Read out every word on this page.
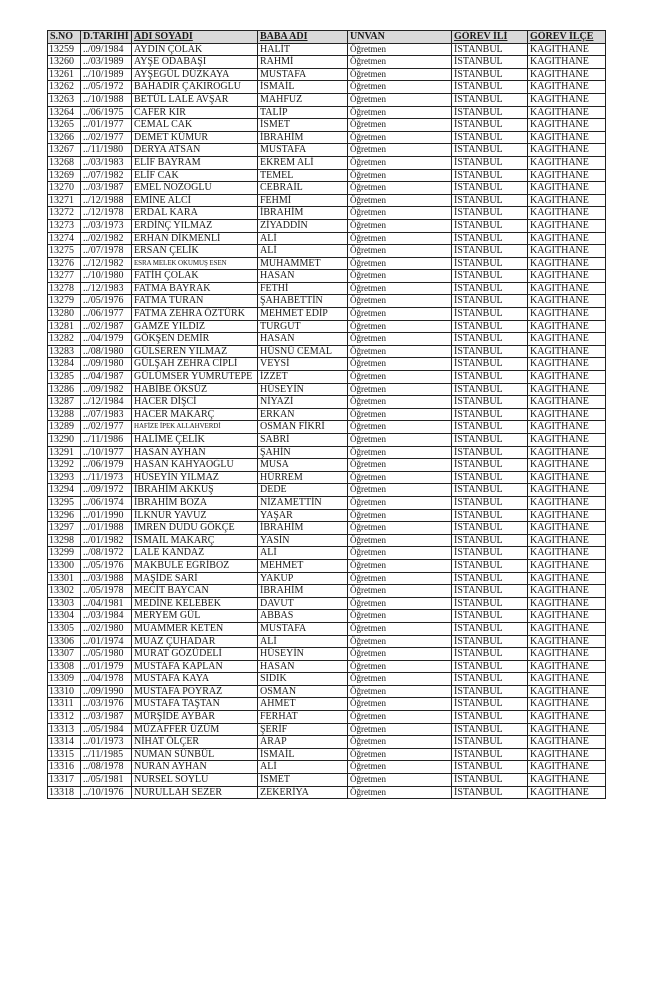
S.NO	D.TARİHİ	ADI SOYADI	BABA ADI	UNVAN	GÖREV İLİ	GÖREV İLÇE
13259	../09/1984	AYDIN ÇOLAK	HALİT	Öğretmen	İSTANBUL	KAĞITHANE
13260	../03/1989	AYŞE ODABAŞI	RAHMİ	Öğretmen	İSTANBUL	KAĞITHANE
13261	../10/1989	AYŞEGÜL DÜZKAYA	MUSTAFA	Öğretmen	İSTANBUL	KAĞITHANE
13262	../05/1972	BAHADIR ÇAKIROĞLU	İSMAİL	Öğretmen	İSTANBUL	KAĞITHANE
13263	../10/1988	BETÜL LALE AVŞAR	MAHFUZ	Öğretmen	İSTANBUL	KAĞITHANE
13264	../06/1975	CAFER KIR	TALİP	Öğretmen	İSTANBUL	KAĞITHANE
13265	../01/1977	CEMAL CAK	İSMET	Öğretmen	İSTANBUL	KAĞITHANE
13266	../02/1977	DEMET KÜMUR	İBRAHİM	Öğretmen	İSTANBUL	KAĞITHANE
13267	../11/1980	DERYA ATSAN	MUSTAFA	Öğretmen	İSTANBUL	KAĞITHANE
13268	../03/1983	ELİF BAYRAM	EKREM ALİ	Öğretmen	İSTANBUL	KAĞITHANE
13269	../07/1982	ELİF CAK	TEMEL	Öğretmen	İSTANBUL	KAĞITHANE
13270	../03/1987	EMEL NOZOĞLU	CEBRAİL	Öğretmen	İSTANBUL	KAĞITHANE
13271	../12/1988	EMİNE ALCİ	FEHMİ	Öğretmen	İSTANBUL	KAĞITHANE
13272	../12/1978	ERDAL KARA	İBRAHİM	Öğretmen	İSTANBUL	KAĞITHANE
13273	../03/1973	ERDİNÇ YILMAZ	ZİYADDİN	Öğretmen	İSTANBUL	KAĞITHANE
13274	../02/1982	ERHAN DİKMENLİ	ALİ	Öğretmen	İSTANBUL	KAĞITHANE
13275	../07/1978	ERSAN ÇELİK	ALİ	Öğretmen	İSTANBUL	KAĞITHANE
13276	../12/1982	ESRA MELEK OKUMUŞ ESEN	MUHAMMET	Öğretmen	İSTANBUL	KAĞITHANE
13277	../10/1980	FATİH ÇOLAK	HASAN	Öğretmen	İSTANBUL	KAĞITHANE
13278	../12/1983	FATMA BAYRAK	FETHİ	Öğretmen	İSTANBUL	KAĞITHANE
13279	../05/1976	FATMA TURAN	ŞAHABETTİN	Öğretmen	İSTANBUL	KAĞITHANE
13280	../06/1977	FATMA ZEHRA ÖZTÜRK	MEHMET EDİP	Öğretmen	İSTANBUL	KAĞITHANE
13281	../02/1987	GAMZE YILDIZ	TURGUT	Öğretmen	İSTANBUL	KAĞITHANE
13282	../04/1979	GÖKŞEN DEMİR	HASAN	Öğretmen	İSTANBUL	KAĞITHANE
13283	../08/1980	GÜLSEREN YILMAZ	HÜSNÜ CEMAL	Öğretmen	İSTANBUL	KAĞITHANE
13284	../09/1980	GÜLŞAH ZEHRA CİPLİ	VEYSİ	Öğretmen	İSTANBUL	KAĞITHANE
13285	../04/1987	GÜLÜMSER YUMRUTEPE	İZZET	Öğretmen	İSTANBUL	KAĞITHANE
13286	../09/1982	HABİBE ÖKSÜZ	HÜSEYİN	Öğretmen	İSTANBUL	KAĞITHANE
13287	../12/1984	HACER DİŞCİ	NİYAZİ	Öğretmen	İSTANBUL	KAĞITHANE
13288	../07/1983	HACER MAKARÇ	ERKAN	Öğretmen	İSTANBUL	KAĞITHANE
13289	../02/1977	HAFİZE İPEK ALLAHVERDİ	OSMAN FİKRİ	Öğretmen	İSTANBUL	KAĞITHANE
13290	../11/1986	HALİME ÇELİK	SABRİ	Öğretmen	İSTANBUL	KAĞITHANE
13291	../10/1977	HASAN AYHAN	ŞAHİN	Öğretmen	İSTANBUL	KAĞITHANE
13292	../06/1979	HASAN KAHYAOĞLU	MUSA	Öğretmen	İSTANBUL	KAĞITHANE
13293	../11/1973	HÜSEYİN YILMAZ	HÜRREM	Öğretmen	İSTANBUL	KAĞITHANE
13294	../09/1972	İBRAHİM AKKUŞ	DEDE	Öğretmen	İSTANBUL	KAĞITHANE
13295	../06/1974	İBRAHİM BOZA	NİZAMETTİN	Öğretmen	İSTANBUL	KAĞITHANE
13296	../01/1990	İLKNUR YAVUZ	YAŞAR	Öğretmen	İSTANBUL	KAĞITHANE
13297	../01/1988	İMREN DUDU GÖKÇE	İBRAHİM	Öğretmen	İSTANBUL	KAĞITHANE
13298	../01/1982	İSMAİL MAKARÇ	YASİN	Öğretmen	İSTANBUL	KAĞITHANE
13299	../08/1972	LALE KANDAZ	ALİ	Öğretmen	İSTANBUL	KAĞITHANE
13300	../05/1976	MAKBULE EĞRİBOZ	MEHMET	Öğretmen	İSTANBUL	KAĞITHANE
13301	../03/1988	MAŞİDE SARİ	YAKUP	Öğretmen	İSTANBUL	KAĞITHANE
13302	../05/1978	MECİT BAYCAN	İBRAHİM	Öğretmen	İSTANBUL	KAĞITHANE
13303	../04/1981	MEDİNE KELEBEK	DAVUT	Öğretmen	İSTANBUL	KAĞITHANE
13304	../03/1984	MERYEM GÜL	ABBAS	Öğretmen	İSTANBUL	KAĞITHANE
13305	../02/1980	MUAMMER KETEN	MUSTAFA	Öğretmen	İSTANBUL	KAĞITHANE
13306	../01/1974	MUAZ ÇUHADAR	ALİ	Öğretmen	İSTANBUL	KAĞITHANE
13307	../05/1980	MURAT GÖZÜDELİ	HÜSEYİN	Öğretmen	İSTANBUL	KAĞITHANE
13308	../01/1979	MUSTAFA KAPLAN	HASAN	Öğretmen	İSTANBUL	KAĞITHANE
13309	../04/1978	MUSTAFA KAYA	SIDIK	Öğretmen	İSTANBUL	KAĞITHANE
13310	../09/1990	MUSTAFA POYRAZ	OSMAN	Öğretmen	İSTANBUL	KAĞITHANE
13311	../03/1976	MUSTAFA TAŞTAN	AHMET	Öğretmen	İSTANBUL	KAĞITHANE
13312	../03/1987	MÜRŞİDE AYBAR	FERHAT	Öğretmen	İSTANBUL	KAĞITHANE
13313	../05/1984	MÜZAFFER ÜZÜM	ŞERİF	Öğretmen	İSTANBUL	KAĞITHANE
13314	../01/1973	NİHAT ÖLÇER	ARAP	Öğretmen	İSTANBUL	KAĞITHANE
13315	../11/1985	NUMAN SÜNBÜL	İSMAİL	Öğretmen	İSTANBUL	KAĞITHANE
13316	../08/1978	NURAN AYHAN	ALİ	Öğretmen	İSTANBUL	KAĞITHANE
13317	../05/1981	NURSEL SOYLU	İSMET	Öğretmen	İSTANBUL	KAĞITHANE
13318	../10/1976	NURULLAH SEZER	ZEKERİYA	Öğretmen	İSTANBUL	KAĞITHANE
